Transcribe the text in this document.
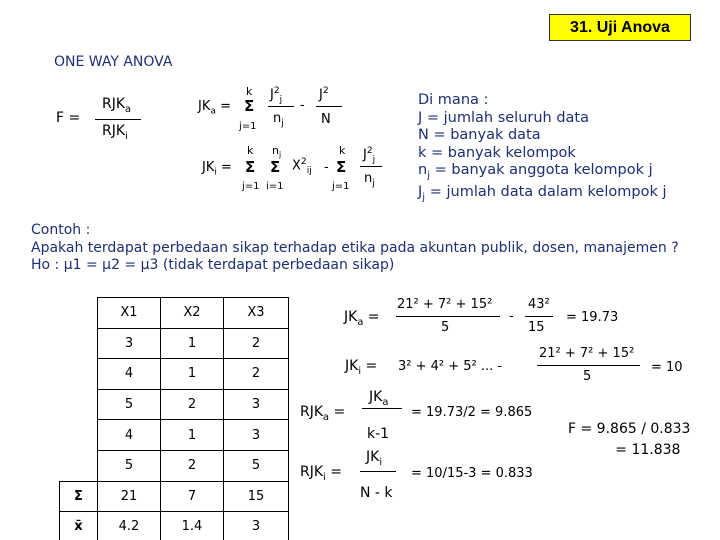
31. Uji Anova
ONE WAY ANOVA
F =
$RJK_a$
$RJK_i$
$JK_a$ =
k
Σ
j=1
$J^2_j$
$n_j$
-
$J^2$
N
$JK_i$ =
k
Σ
j=1
$n_j$
Σ
i=1
$X^2_{ij}$ -
k
Σ
j=1
$J^2_j$
$n_j$
Di mana :
J = jumlah seluruh data
N = banyak data
k = banyak kelompok
$n_j$ = banyak anggota kelompok j
$J_j$ = jumlah data dalam kelompok j
Contoh :
Apakah terdapat perbedaan sikap terhadap etika pada akuntan publik, dosen, manajemen ?
Ho : μ1 = μ2 = μ3 (tidak terdapat perbedaan sikap)
	X1	X2	X3
	3	1	2
	4	1	2
	5	2	3
	4	1	3
	5	2	5
Σ	21	7	15
x̄	4.2	1.4	3
$JK_a$ =
21² + 7² + 15²
5
-
43²
15
= 19.73
$JK_i = 3^2 + 4^2 + 5^2$ ... -
21² + 7² + 15²
5
= 10
$RJK_a$ =
$JK_a$
k-1
= 19.73/2 = 9.865
$RJK_i$ =
$JK_i$
N - k
= 10/15-3 = 0.833
F = 9.865 / 0.833
= 11.838
